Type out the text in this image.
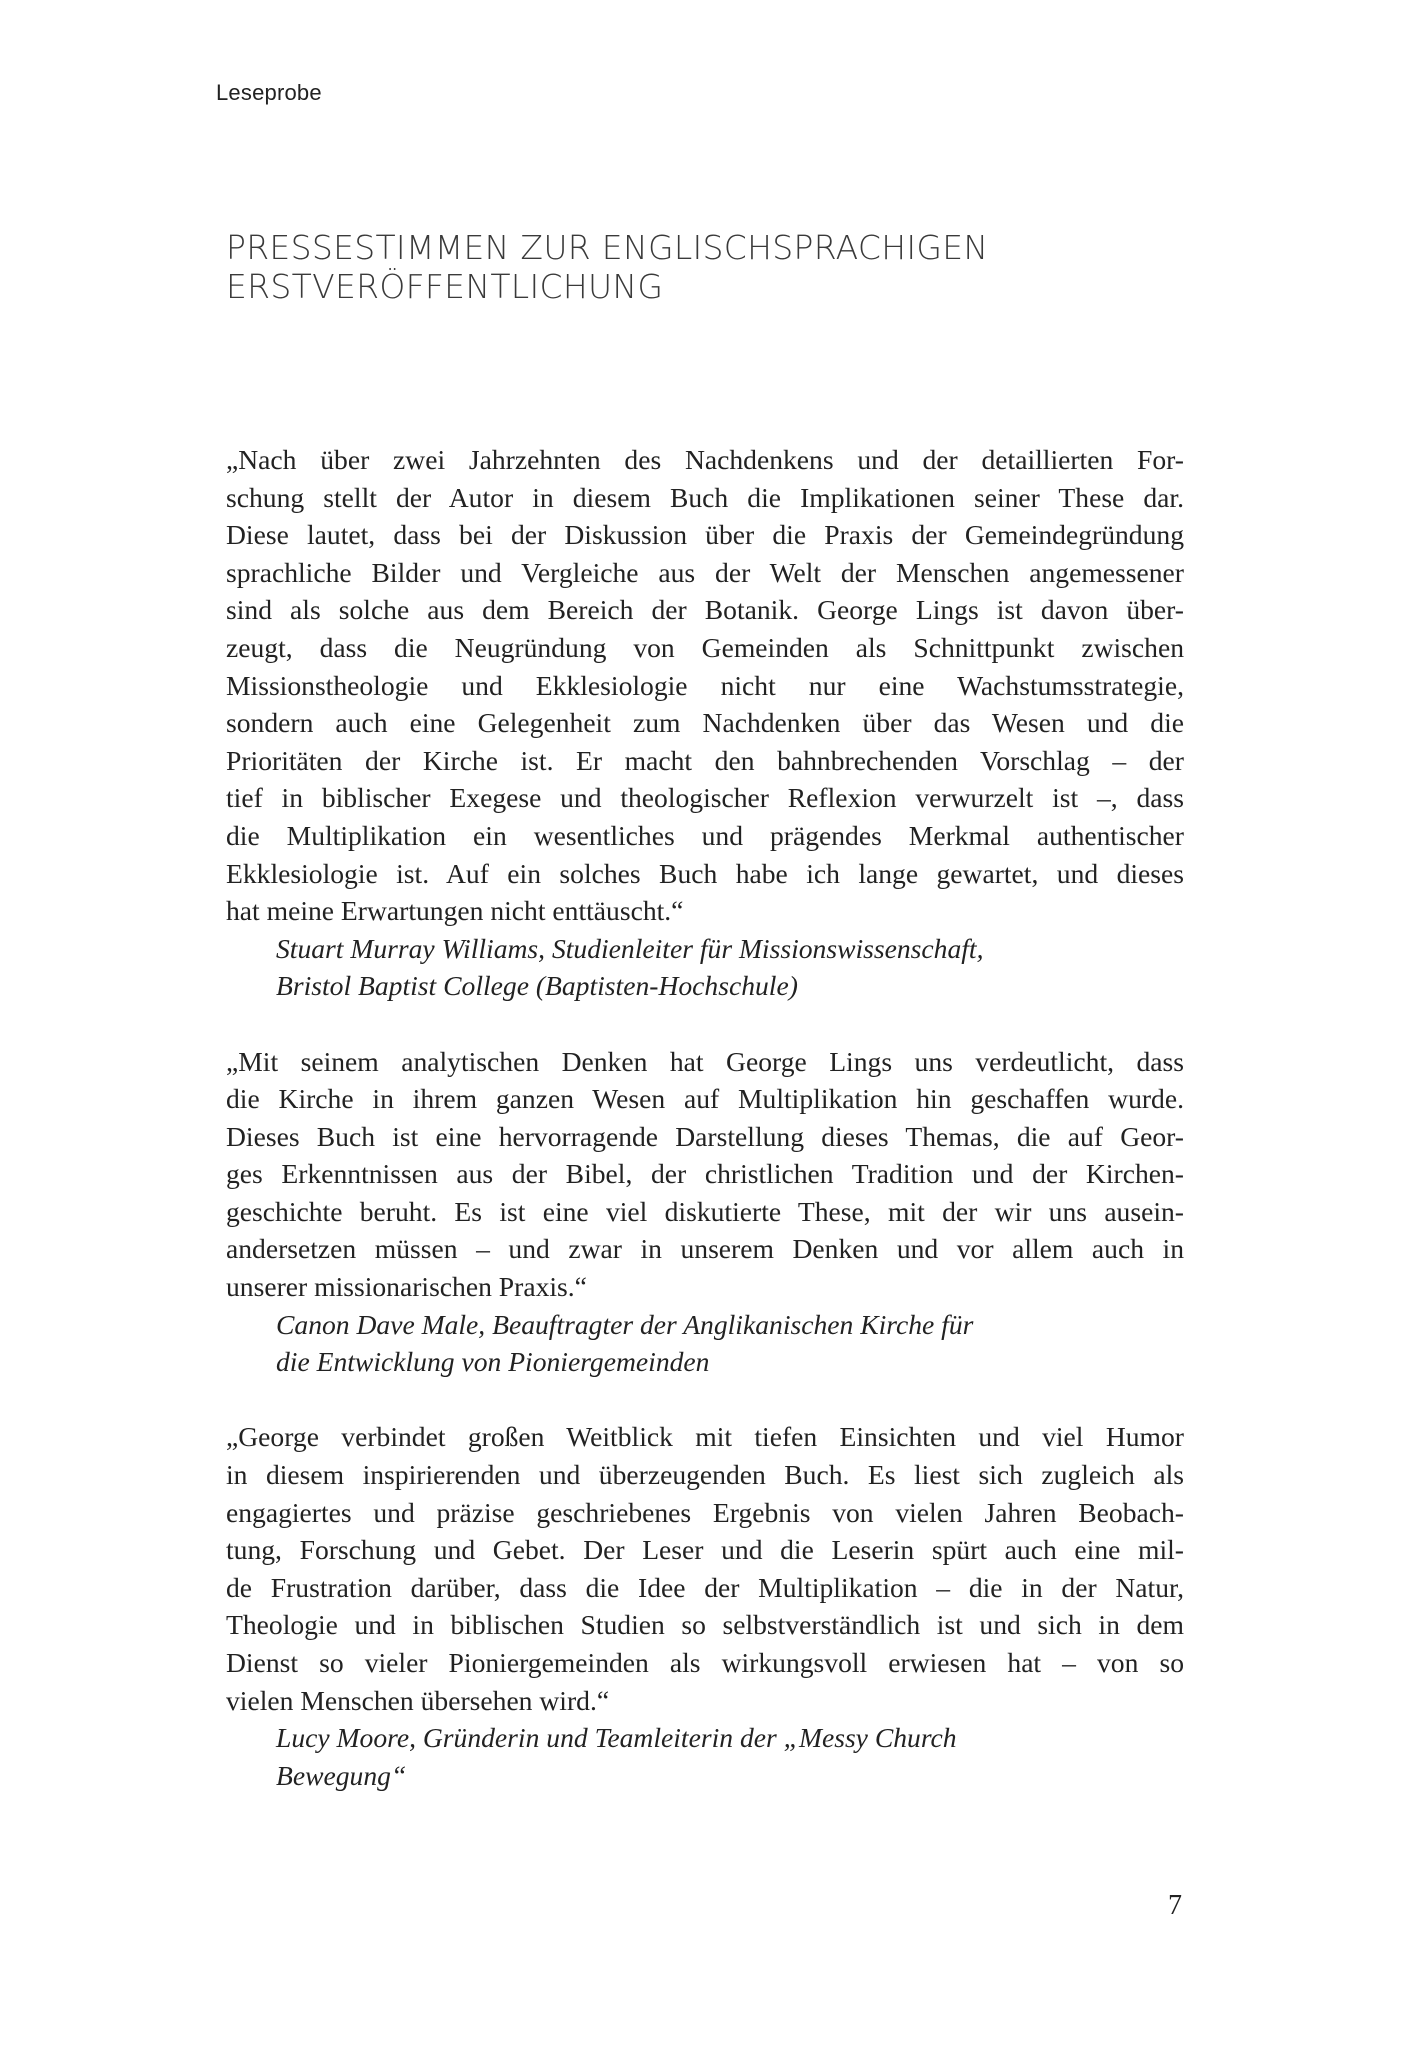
Leseprobe
PRESSESTIMMEN ZUR ENGLISCHSPRACHIGEN
ERSTVERÖFFENTLICHUNG
„Nach über zwei Jahrzehnten des Nachdenkens und der detaillierten For-
schung stellt der Autor in diesem Buch die Implikationen seiner These dar.
Diese lautet, dass bei der Diskussion über die Praxis der Gemeindegründung
sprachliche Bilder und Vergleiche aus der Welt der Menschen angemessener
sind als solche aus dem Bereich der Botanik. George Lings ist davon über-
zeugt, dass die Neugründung von Gemeinden als Schnittpunkt zwischen
Missionstheologie und Ekklesiologie nicht nur eine Wachstumsstrategie,
sondern auch eine Gelegenheit zum Nachdenken über das Wesen und die
Prioritäten der Kirche ist. Er macht den bahnbrechenden Vorschlag – der
tief in biblischer Exegese und theologischer Reflexion verwurzelt ist –, dass
die Multiplikation ein wesentliches und prägendes Merkmal authentischer
Ekklesiologie ist. Auf ein solches Buch habe ich lange gewartet, und dieses
hat meine Erwartungen nicht enttäuscht.“
Stuart Murray Williams, Studienleiter für Missionswissenschaft,
Bristol Baptist College (Baptisten-Hochschule)
„Mit seinem analytischen Denken hat George Lings uns verdeutlicht, dass
die Kirche in ihrem ganzen Wesen auf Multiplikation hin geschaffen wurde.
Dieses Buch ist eine hervorragende Darstellung dieses Themas, die auf Geor-
ges Erkenntnissen aus der Bibel, der christlichen Tradition und der Kirchen-
geschichte beruht. Es ist eine viel diskutierte These, mit der wir uns ausein-
andersetzen müssen – und zwar in unserem Denken und vor allem auch in
unserer missionarischen Praxis.“
Canon Dave Male, Beauftragter der Anglikanischen Kirche für
die Entwicklung von Pioniergemeinden
„George verbindet großen Weitblick mit tiefen Einsichten und viel Humor
in diesem inspirierenden und überzeugenden Buch. Es liest sich zugleich als
engagiertes und präzise geschriebenes Ergebnis von vielen Jahren Beobach-
tung, Forschung und Gebet. Der Leser und die Leserin spürt auch eine mil-
de Frustration darüber, dass die Idee der Multiplikation – die in der Natur,
Theologie und in biblischen Studien so selbstverständlich ist und sich in dem
Dienst so vieler Pioniergemeinden als wirkungsvoll erwiesen hat – von so
vielen Menschen übersehen wird.“
Lucy Moore, Gründerin und Teamleiterin der „Messy Church
Bewegung“
7
